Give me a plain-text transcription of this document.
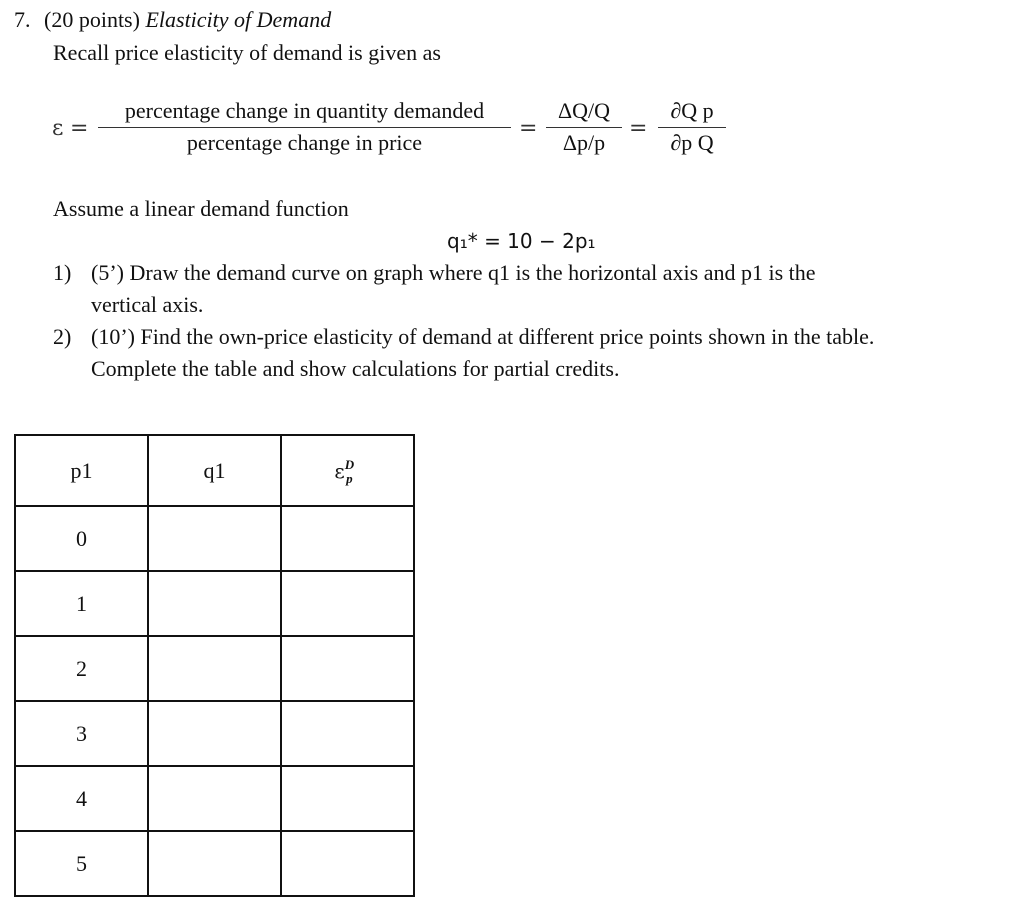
7. (20 points) Elasticity of Demand
Recall price elasticity of demand is given as
ε =
percentage change in quantity demanded
percentage change in price
=
ΔQ/Q
Δp/p
=
∂Q p
∂p Q
Assume a linear demand function
q₁* = 10 − 2p₁
1) (5’) Draw the demand curve on graph where q1 is the horizontal axis and p1 is the
vertical axis.
2) (10’) Find the own-price elasticity of demand at different price points shown in the table.
Complete the table and show calculations for partial credits.
p1	q1	$\varepsilon^D_p$
0		
1		
2		
3		
4		
5		
